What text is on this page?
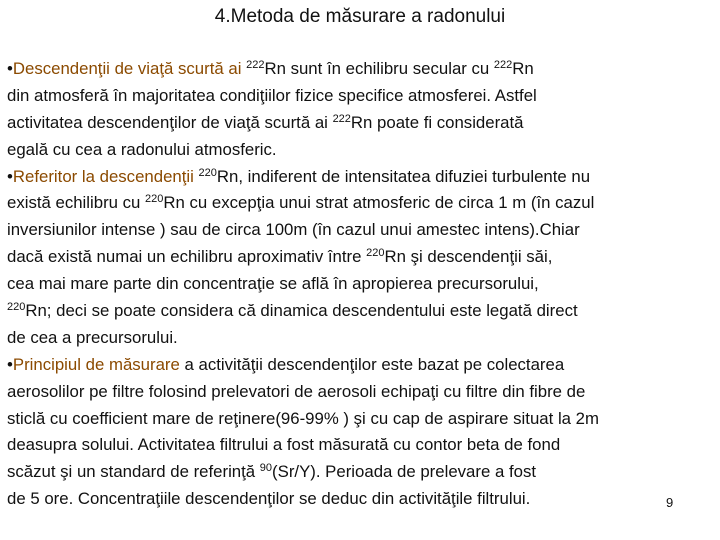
4.Metoda de măsurare a radonului
•Descendenţii de viaţă scurtă ai $^{222}$Rn sunt în echilibru secular cu $^{222}$Rn
din atmosferă în majoritatea condiţiilor fizice specifice atmosferei. Astfel
activitatea descendenţilor de viaţă scurtă ai $^{222}$Rn poate fi considerată
egală cu cea a radonului atmosferic.
•Referitor la descendenţii $^{220}$Rn, indiferent de intensitatea difuziei turbulente nu
există echilibru cu $^{220}$Rn cu excepţia unui strat atmosferic de circa 1 m (în cazul
inversiunilor intense ) sau de circa 100m (în cazul unui amestec intens).Chiar
dacă există numai un echilibru aproximativ între $^{220}$Rn şi descendenţii săi,
cea mai mare parte din concentraţie se află în apropierea precursorului,
$^{220}$Rn; deci se poate considera că dinamica descendentului este legată direct
de cea a precursorului.
•Principiul de măsurare a activităţii descendenţilor este bazat pe colectarea
aerosolilor pe filtre folosind prelevatori de aerosoli echipaţi cu filtre din fibre de
sticlă cu coefficient mare de reţinere(96-99% ) şi cu cap de aspirare situat la 2m
deasupra solului. Activitatea filtrului a fost măsurată cu contor beta de fond
scăzut şi un standard de referinţă $^{90}$(Sr/Y). Perioada de prelevare a fost
de 5 ore. Concentraţiile descendenţilor se deduc din activităţile filtrului.	9
